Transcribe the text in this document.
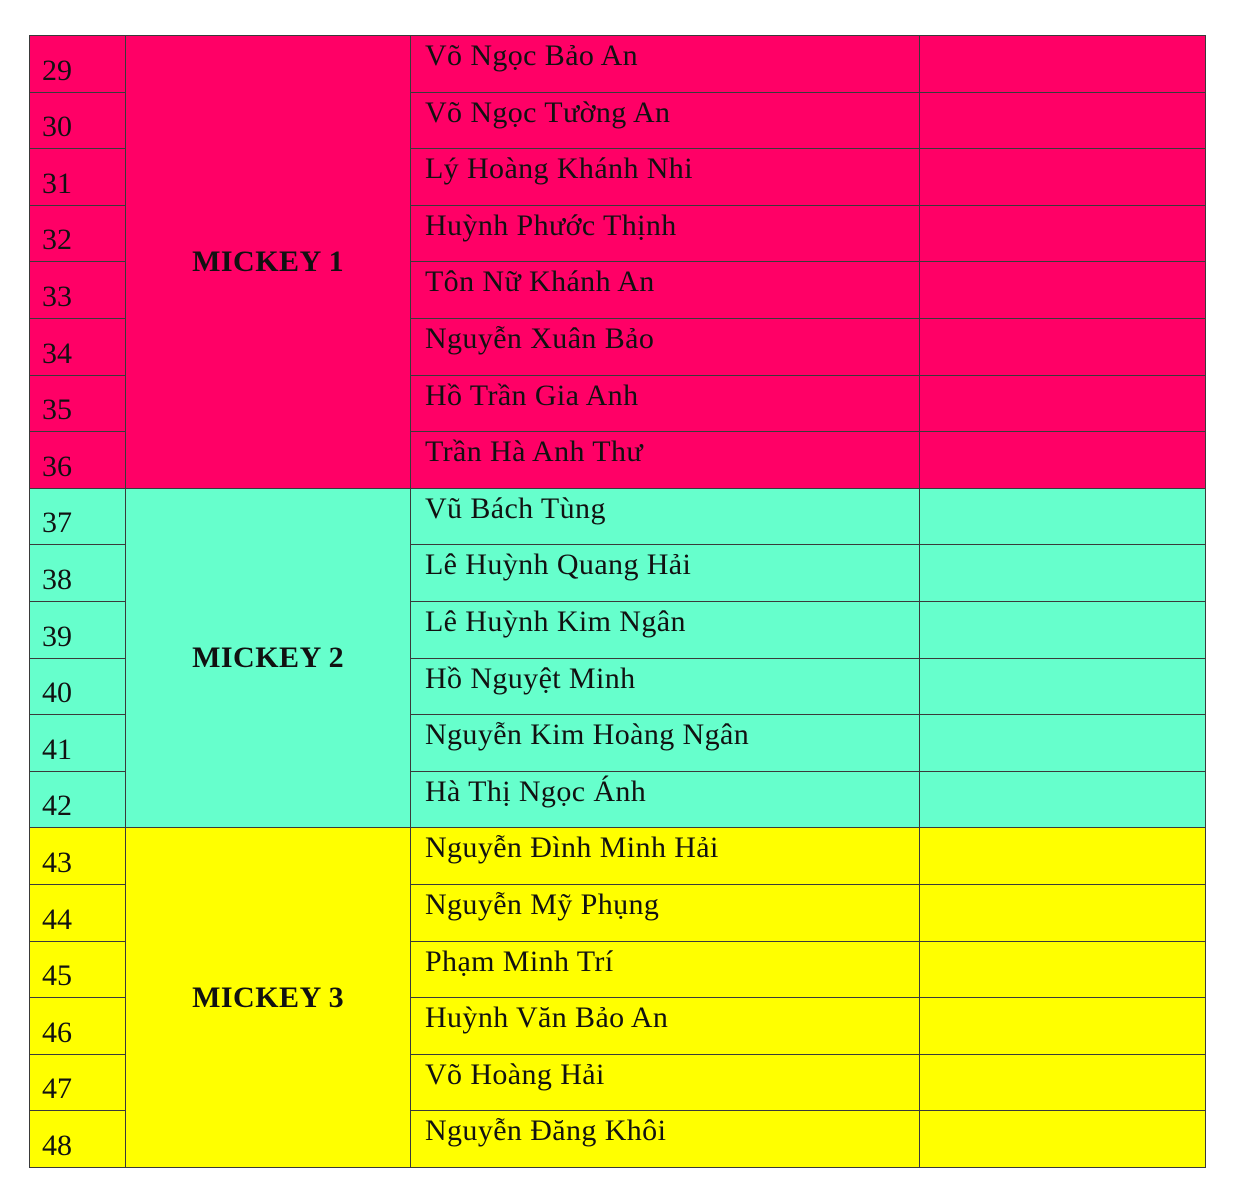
29	MICKEY 1	Võ Ngọc Bảo An	
30		Võ Ngọc Tường An	
31		Lý Hoàng Khánh Nhi	
32		Huỳnh Phước Thịnh	
33		Tôn Nữ Khánh An	
34		Nguyễn Xuân Bảo	
35		Hồ Trần Gia Anh	
36		Trần Hà Anh Thư	
37	MICKEY 2	Vũ Bách Tùng	
38		Lê Huỳnh Quang Hải	
39		Lê Huỳnh Kim Ngân	
40		Hồ Nguyệt Minh	
41		Nguyễn Kim Hoàng Ngân	
42		Hà Thị Ngọc Ánh	
43	MICKEY 3	Nguyễn Đình Minh Hải	
44		Nguyễn Mỹ Phụng	
45		Phạm Minh Trí	
46		Huỳnh Văn Bảo An	
47		Võ Hoàng Hải	
48		Nguyễn Đăng Khôi	
